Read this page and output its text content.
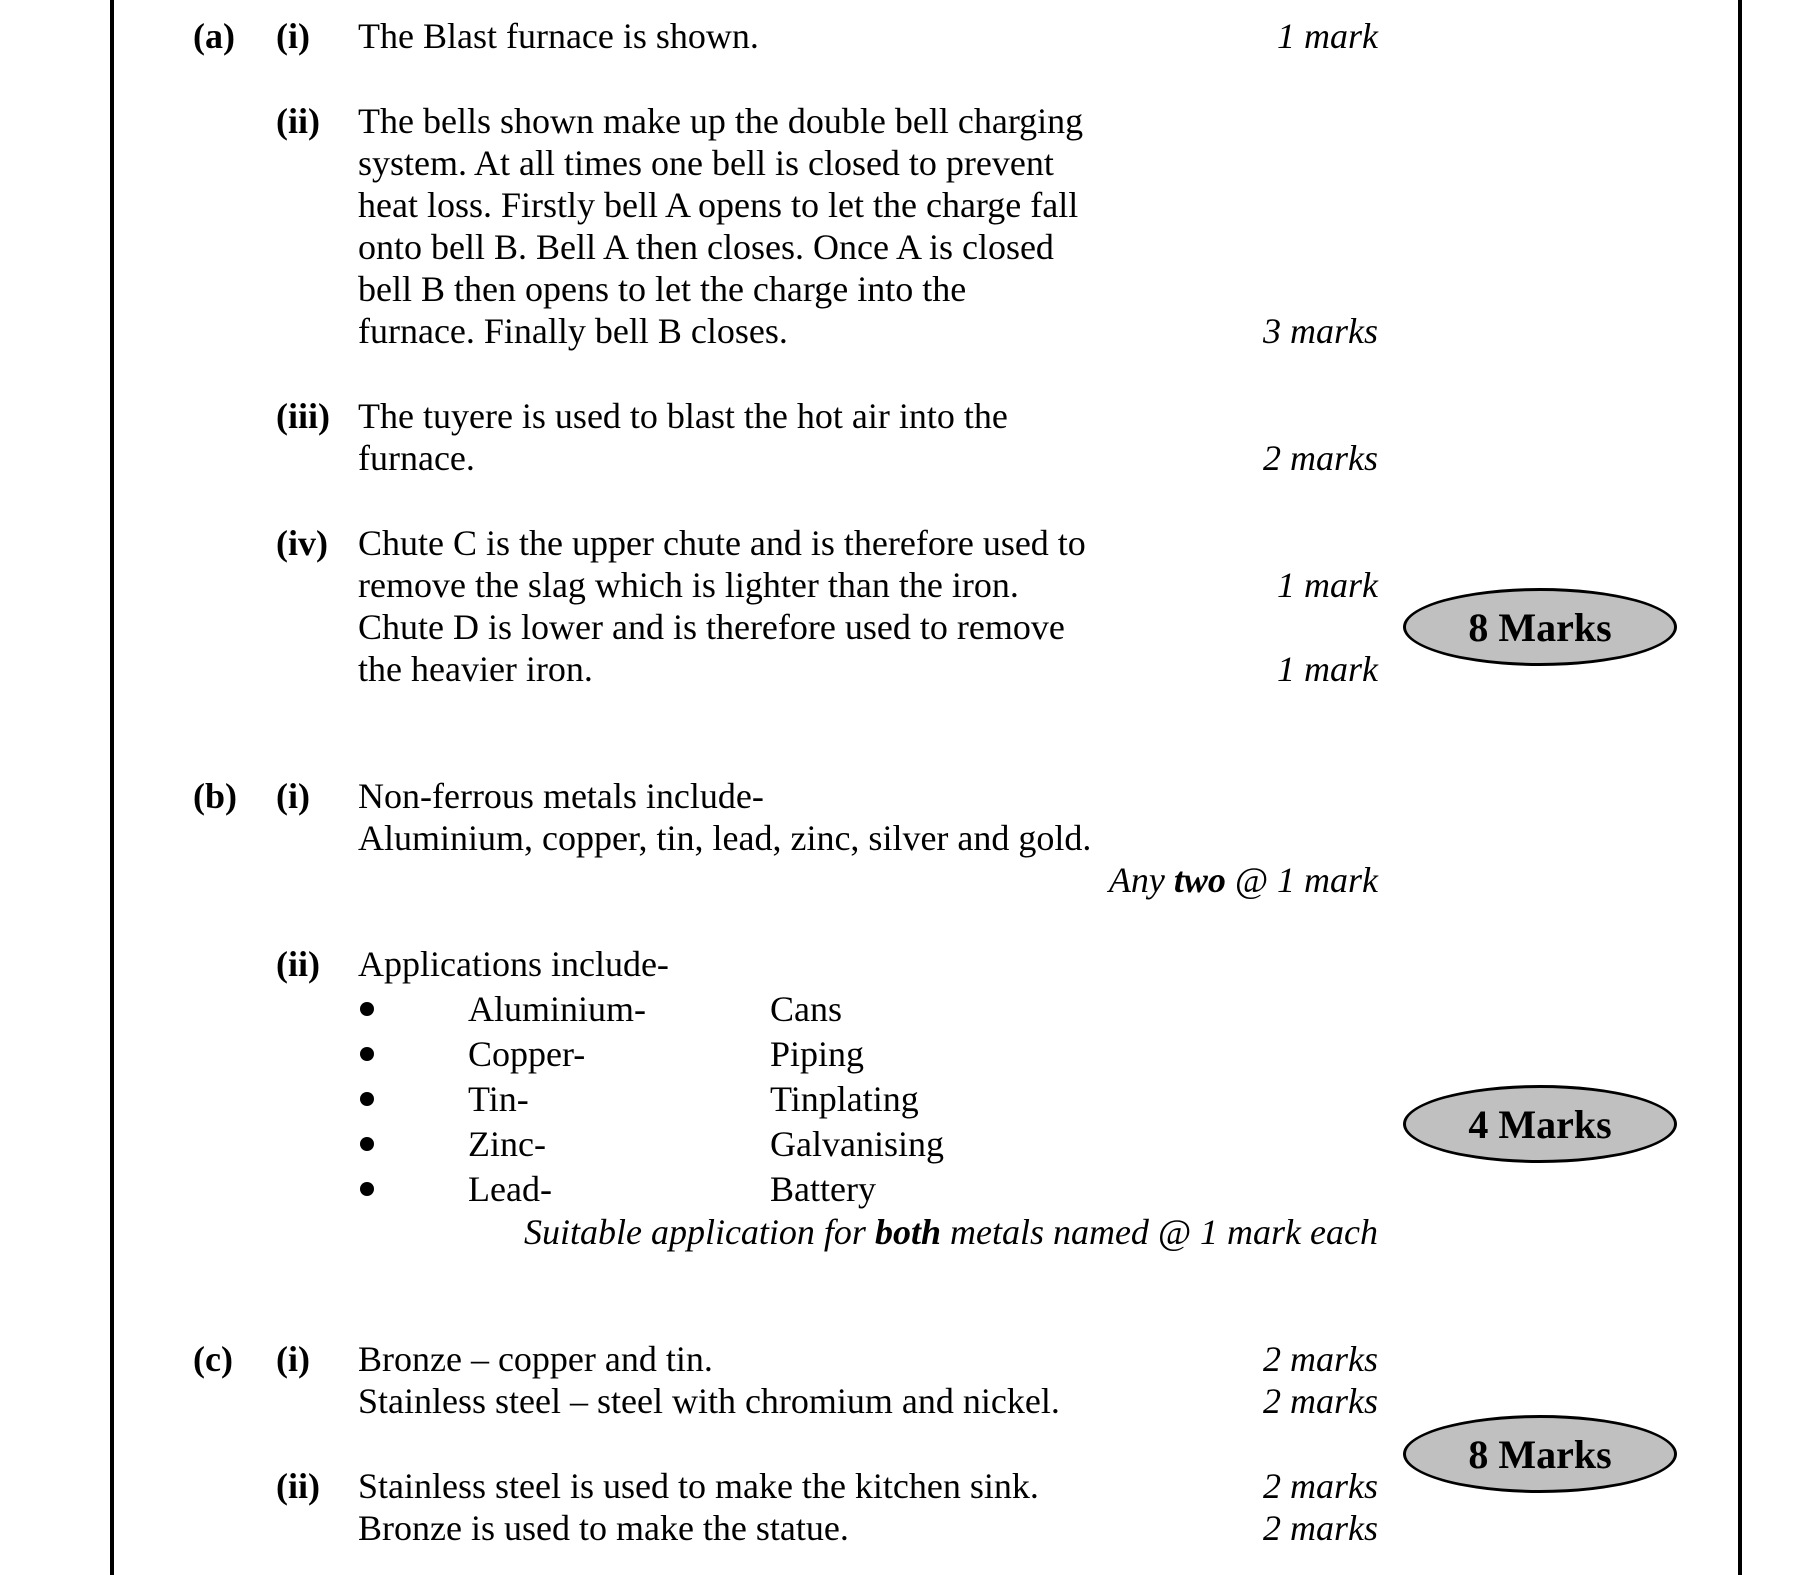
(a) (i) The Blast furnace is shown.	1 mark
(ii) The bells shown make up the double bell charging
system. At all times one bell is closed to prevent
heat loss. Firstly bell A opens to let the charge fall
onto bell B. Bell A then closes. Once A is closed
bell B then opens to let the charge into the
furnace. Finally bell B closes.	3 marks
(iii) The tuyere is used to blast the hot air into the
furnace.	2 marks
(iv) Chute C is the upper chute and is therefore used to
remove the slag which is lighter than the iron.	1 mark
Chute D is lower and is therefore used to remove
the heavier iron.	1 mark
8 Marks
(b) (i) Non-ferrous metals include-
Aluminium, copper, tin, lead, zinc, silver and gold.
Any two @ 1 mark
(ii) Applications include-
Aluminium-	Cans
Copper-	Piping
Tin-	Tinplating
Zinc-	Galvanising
Lead-	Battery
Suitable application for both metals named @ 1 mark each
4 Marks
(c) (i) Bronze – copper and tin.	2 marks
Stainless steel – steel with chromium and nickel.	2 marks
(ii) Stainless steel is used to make the kitchen sink.	2 marks
Bronze is used to make the statue.	2 marks
8 Marks
